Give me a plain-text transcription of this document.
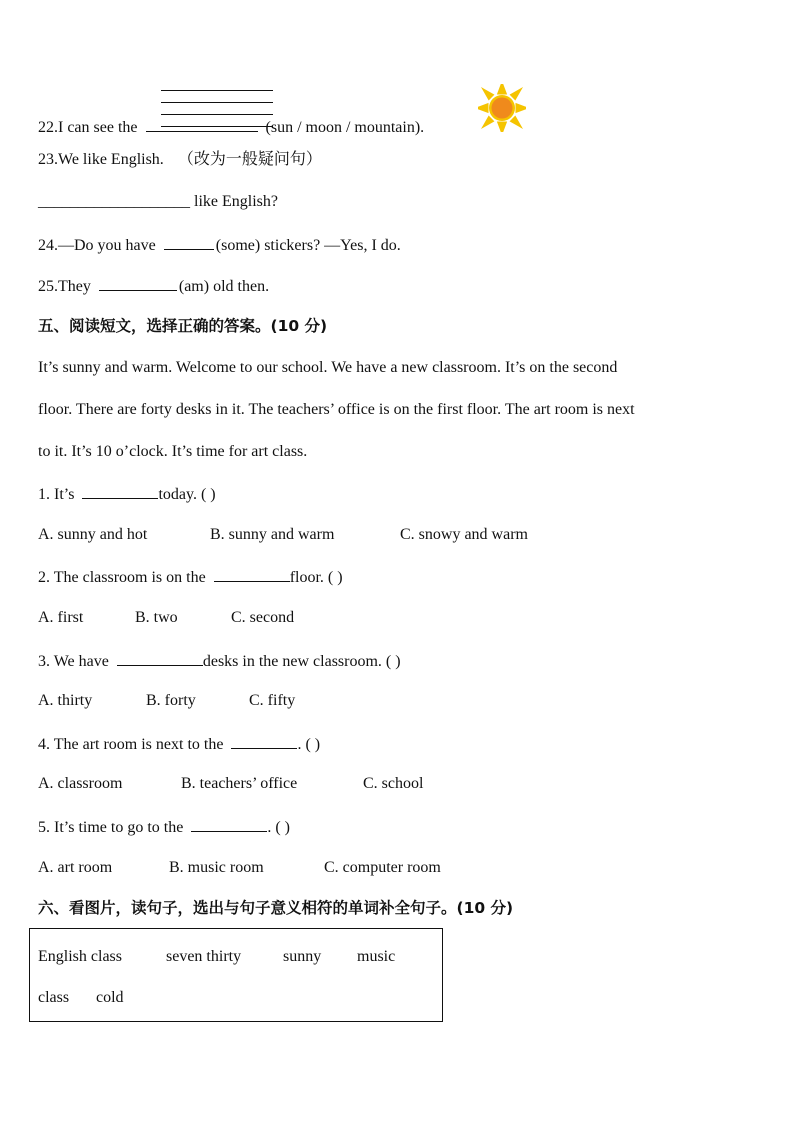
22.I can see the	(sun / moon / mountain).
23.We like English. （改为一般疑问句）
___________________ like English?
24.—Do you have	(some) stickers? —Yes, I do.
25.They	(am) old then.
五、阅读短文，选择正确的答案。(10 分)
It’s sunny and warm. Welcome to our school. We have a new classroom. It’s on the second
floor. There are forty desks in it. The teachers’ office is on the first floor. The art room is next
to it. It’s 10 o’clock. It’s time for art class.
1. It’s	today. ( )
A. sunny and hot	B. sunny and warm	C. snowy and warm
2. The classroom is on the	floor. ( )
A. first	B. two	C. second
3. We have	desks in the new classroom. ( )
A. thirty	B. forty	C. fifty
4. The art room is next to the	. ( )
A. classroom	B. teachers’ office	C. school
5. It’s time to go to the	. ( )
A. art room	B. music room	C. computer room
六、看图片，读句子，选出与句子意义相符的单词补全句子。(10 分)
English class	seven thirty	sunny music
class cold
